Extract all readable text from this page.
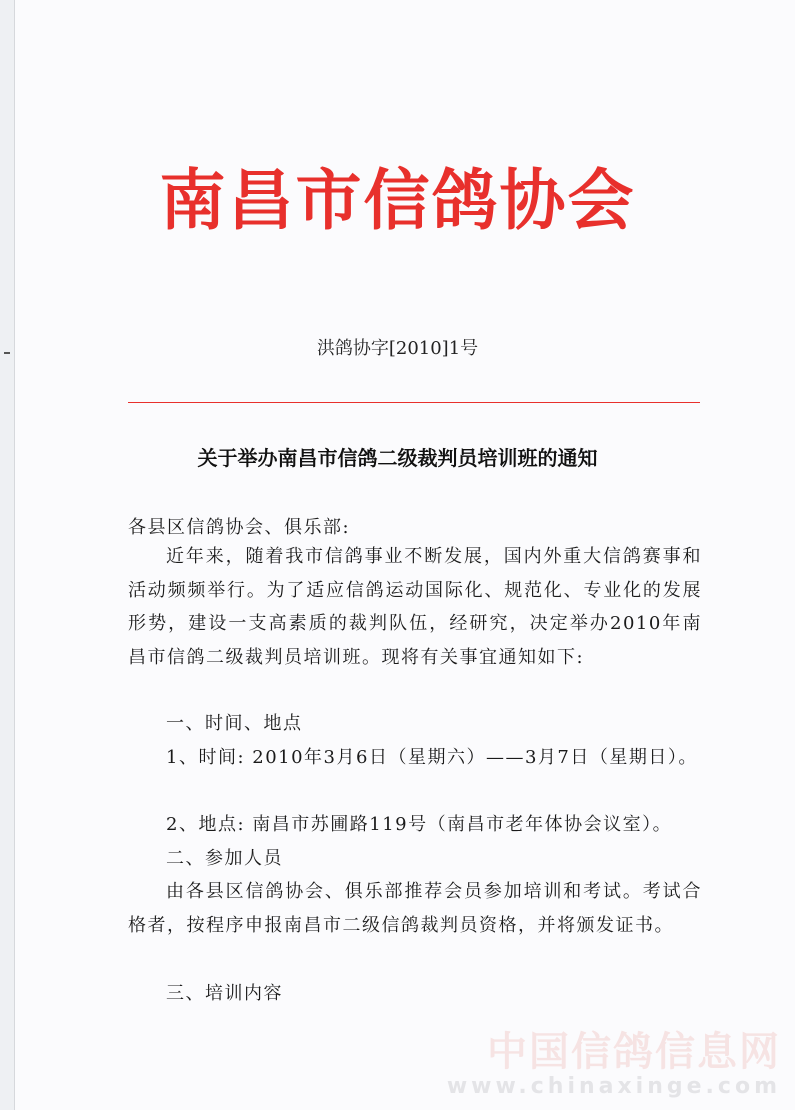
南昌市信鸽协会
洪鸽协字[2010]1号
关于举办南昌市信鸽二级裁判员培训班的通知
各县区信鸽协会、俱乐部:
近年来，随着我市信鸽事业不断发展，国内外重大信鸽赛事和活动频频举行。为了适应信鸽运动国际化、规范化、专业化的发展形势，建设一支高素质的裁判队伍，经研究，决定举办2010年南昌市信鸽二级裁判员培训班。现将有关事宜通知如下:
一、时间、地点
1、时间: 2010年3月6日（星期六）——3月7日（星期日）。
2、地点: 南昌市苏圃路119号（南昌市老年体协会议室）。
二、参加人员
由各县区信鸽协会、俱乐部推荐会员参加培训和考试。考试合格者，按程序申报南昌市二级信鸽裁判员资格，并将颁发证书。
三、培训内容
中国信鸽信息网
www.chinaxinge.com
